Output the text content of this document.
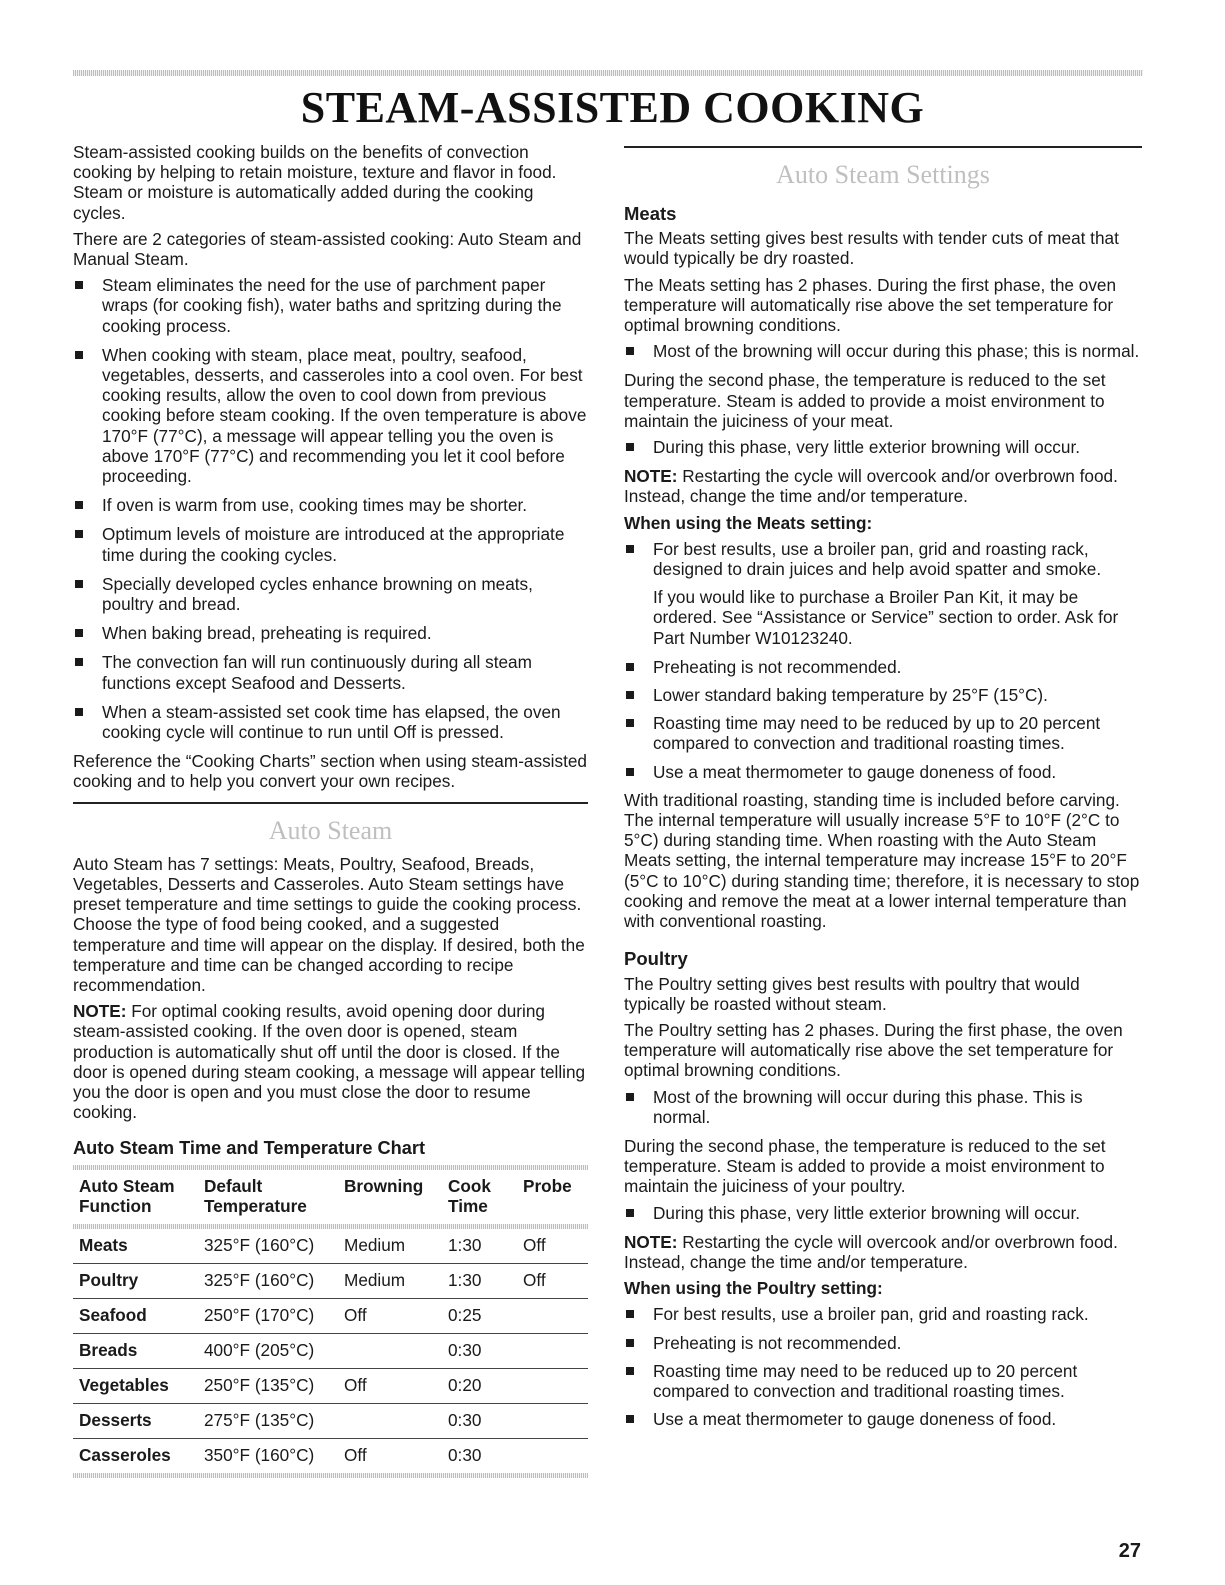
STEAM-ASSISTED COOKING

Steam-assisted cooking builds on the benefits of convection cooking by helping to retain moisture, texture and flavor in food. Steam or moisture is automatically added during the cooking cycles.

There are 2 categories of steam-assisted cooking: Auto Steam and Manual Steam.

Steam eliminates the need for the use of parchment paper wraps (for cooking fish), water baths and spritzing during the cooking process.
When cooking with steam, place meat, poultry, seafood, vegetables, desserts, and casseroles into a cool oven. For best cooking results, allow the oven to cool down from previous cooking before steam cooking. If the oven temperature is above 170°F (77°C), a message will appear telling you the oven is above 170°F (77°C) and recommending you let it cool before proceeding.
If oven is warm from use, cooking times may be shorter.
Optimum levels of moisture are introduced at the appropriate time during the cooking cycles.
Specially developed cycles enhance browning on meats, poultry and bread.
When baking bread, preheating is required.
The convection fan will run continuously during all steam functions except Seafood and Desserts.
When a steam-assisted set cook time has elapsed, the oven cooking cycle will continue to run until Off is pressed.

Reference the “Cooking Charts” section when using steam-assisted cooking and to help you convert your own recipes.

Auto Steam

Auto Steam has 7 settings: Meats, Poultry, Seafood, Breads, Vegetables, Desserts and Casseroles. Auto Steam settings have preset temperature and time settings to guide the cooking process. Choose the type of food being cooked, and a suggested temperature and time will appear on the display. If desired, both the temperature and time can be changed according to recipe recommendation.

NOTE: For optimal cooking results, avoid opening door during steam-assisted cooking. If the oven door is opened, steam production is automatically shut off until the door is closed. If the door is opened during steam cooking, a message will appear telling you the door is open and you must close the door to resume cooking.

Auto Steam Time and Temperature Chart
Auto Steam Function	Default Temperature	Browning	Cook Time	Probe

Meats	325°F (160°C)	Medium	1:30	Off
Poultry	325°F (160°C)	Medium	1:30	Off
Seafood	250°F (170°C)	Off	0:25	
Breads	400°F (205°C)		0:30	
Vegetables	250°F (135°C)	Off	0:20	
Desserts	275°F (135°C)		0:30	
Casseroles	350°F (160°C)	Off	0:30	
Auto Steam Settings
Meats

The Meats setting gives best results with tender cuts of meat that would typically be dry roasted.

The Meats setting has 2 phases. During the first phase, the oven temperature will automatically rise above the set temperature for optimal browning conditions.

Most of the browning will occur during this phase; this is normal.

During the second phase, the temperature is reduced to the set temperature. Steam is added to provide a moist environment to maintain the juiciness of your meat.

During this phase, very little exterior browning will occur.

NOTE: Restarting the cycle will overcook and/or overbrown food. Instead, change the time and/or temperature.

When using the Meats setting:
For best results, use a broiler pan, grid and roasting rack, designed to drain juices and help avoid spatter and smoke.

If you would like to purchase a Broiler Pan Kit, it may be ordered. See “Assistance or Service” section to order. Ask for Part Number W10123240.

Preheating is not recommended.
Lower standard baking temperature by 25°F (15°C).
Roasting time may need to be reduced by up to 20 percent compared to convection and traditional roasting times.
Use a meat thermometer to gauge doneness of food.

With traditional roasting, standing time is included before carving. The internal temperature will usually increase 5°F to 10°F (2°C to 5°C) during standing time. When roasting with the Auto Steam Meats setting, the internal temperature may increase 15°F to 20°F (5°C to 10°C) during standing time; therefore, it is necessary to stop cooking and remove the meat at a lower internal temperature than with conventional roasting.

Poultry

The Poultry setting gives best results with poultry that would typically be roasted without steam.

The Poultry setting has 2 phases. During the first phase, the oven temperature will automatically rise above the set temperature for optimal browning conditions.

Most of the browning will occur during this phase. This is normal.

During the second phase, the temperature is reduced to the set temperature. Steam is added to provide a moist environment to maintain the juiciness of your poultry.

During this phase, very little exterior browning will occur.

NOTE: Restarting the cycle will overcook and/or overbrown food. Instead, change the time and/or temperature.

When using the Poultry setting:
For best results, use a broiler pan, grid and roasting rack.
Preheating is not recommended.
Roasting time may need to be reduced up to 20 percent compared to convection and traditional roasting times.
Use a meat thermometer to gauge doneness of food.
27
